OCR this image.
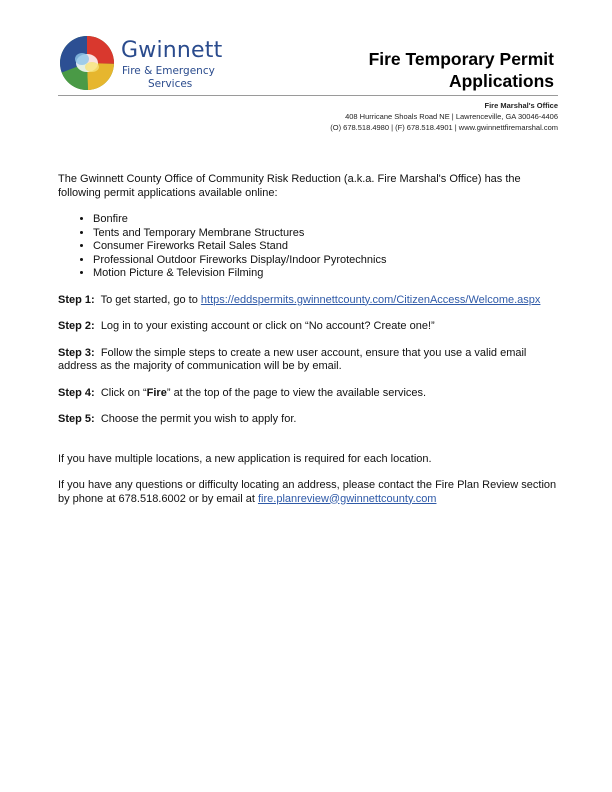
Gwinnett
Fire & Emergency
Services
Fire Temporary Permit
Applications
Fire Marshal's Office
408 Hurricane Shoals Road NE | Lawrenceville, GA 30046-4406
(O) 678.518.4980 | (F) 678.518.4901 | www.gwinnettfiremarshal.com

The Gwinnett County Office of Community Risk Reduction (a.k.a. Fire Marshal's Office) has the following permit applications available online:

• Bonfire
• Tents and Temporary Membrane Structures
• Consumer Fireworks Retail Sales Stand
• Professional Outdoor Fireworks Display/Indoor Pyrotechnics
• Motion Picture & Television Filming

Step 1: To get started, go to https://eddspermits.gwinnettcounty.com/CitizenAccess/Welcome.aspx

Step 2: Log in to your existing account or click on “No account? Create one!”

Step 3: Follow the simple steps to create a new user account, ensure that you use a valid email address as the majority of communication will be by email.

Step 4: Click on “Fire” at the top of the page to view the available services.

Step 5: Choose the permit you wish to apply for.

If you have multiple locations, a new application is required for each location.

If you have any questions or difficulty locating an address, please contact the Fire Plan Review section by phone at 678.518.6002 or by email at fire.planreview@gwinnettcounty.com
